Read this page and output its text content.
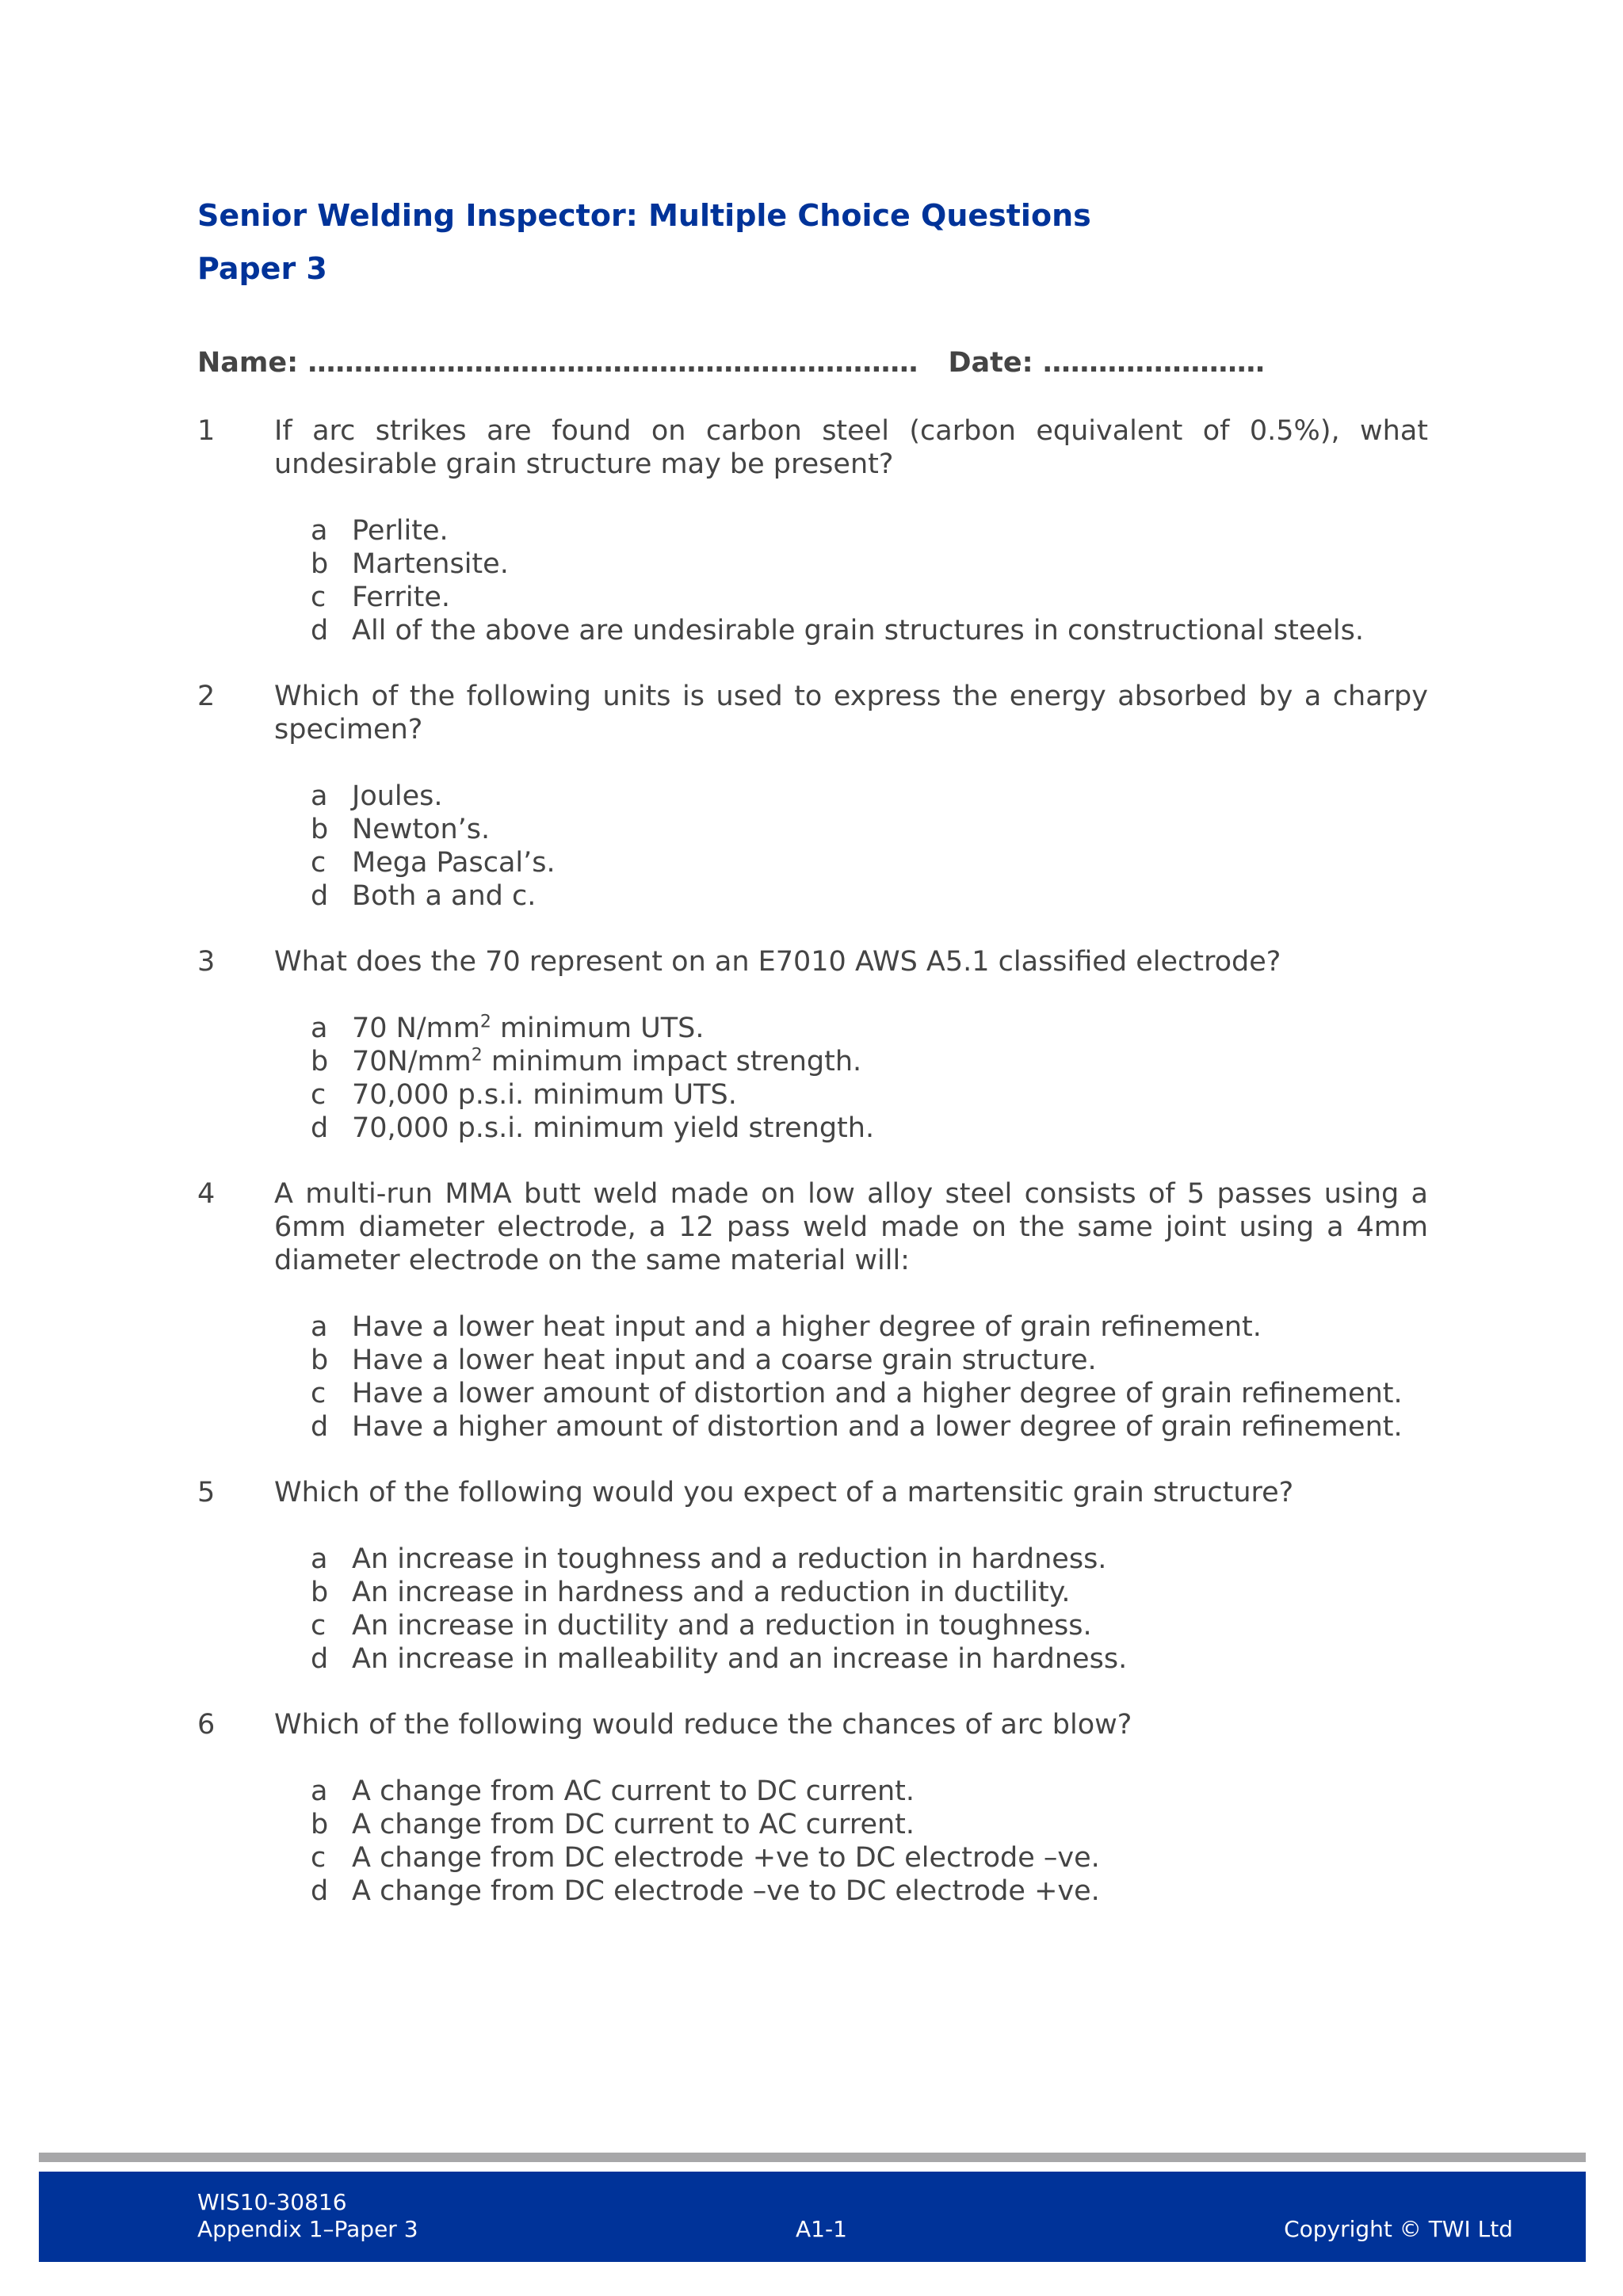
Senior Welding Inspector: Multiple Choice Questions
Paper 3
Name: ………………………………………………………… Date: ……………………
1 If arc strikes are found on carbon steel (carbon equivalent of 0.5%), what undesirable grain structure may be present?
a Perlite.
b Martensite.
c Ferrite.
d All of the above are undesirable grain structures in constructional steels.
2 Which of the following units is used to express the energy absorbed by a charpy specimen?
a Joules.
b Newton’s.
c Mega Pascal’s.
d Both a and c.
3 What does the 70 represent on an E7010 AWS A5.1 classified electrode?
a 70 $N/mm^2$ minimum UTS.
b $70N/mm^2$ minimum impact strength.
c 70,000 p.s.i. minimum UTS.
d 70,000 p.s.i. minimum yield strength.
4 A multi-run MMA butt weld made on low alloy steel consists of 5 passes using a 6mm diameter electrode, a 12 pass weld made on the same joint using a 4mm diameter electrode on the same material will:
a Have a lower heat input and a higher degree of grain refinement.
b Have a lower heat input and a coarse grain structure.
c Have a lower amount of distortion and a higher degree of grain refinement.
d Have a higher amount of distortion and a lower degree of grain refinement.
5 Which of the following would you expect of a martensitic grain structure?
a An increase in toughness and a reduction in hardness.
b An increase in hardness and a reduction in ductility.
c An increase in ductility and a reduction in toughness.
d An increase in malleability and an increase in hardness.
6 Which of the following would reduce the chances of arc blow?
a A change from AC current to DC current.
b A change from DC current to AC current.
c A change from DC electrode +ve to DC electrode –ve.
d A change from DC electrode –ve to DC electrode +ve.
WIS10-30816
Appendix 1–Paper 3	A1-1	Copyright © TWI Ltd
